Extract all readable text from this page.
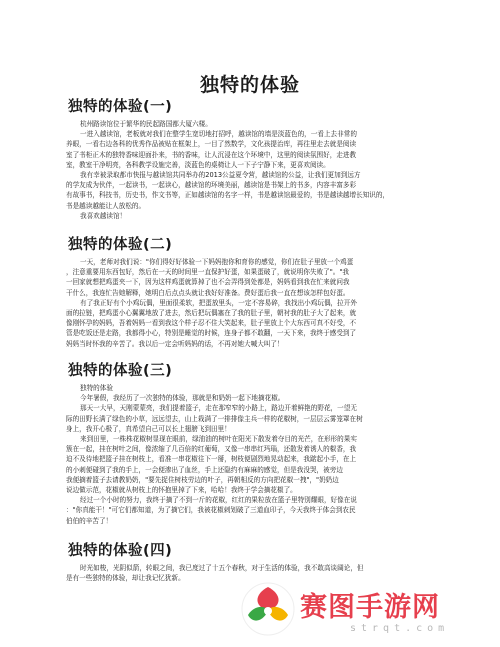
独特的体验
独特的体验(一)
杭州路读馆位于繁华的民起路国都大厦六楼。
一进入越读馆，老板就对我们在整学生宽切地打招呼，越读馆的墙是淡蓝色的，一看上去非常的
养眼，一看右边各科的优秀作品被贴在框架上，一目了然数学，文化孩提治库，再往里走去就是阅读
室了书柜正木的独特香味迎面扑来，书的香味，让人沉浸在这个环境中，这里的阅读氛围好，走进教
室，教室干净明亮，各科教学设施完善，淡蓝色的桌椅让人一下子宁静下来，更喜欢阅读。
我有幸被录取都市快报与越读馆共同举办的2013公益夏令营，越读馆的公益，让我们更加到远方
的学友成为伙伴，一起读书，一起读心，越读馆的环境美丽，越读馆是书架上的书多，内容丰富多彩
有故事书，科技书，历史书，作文书等，正如越读馆的名字一样，书是越读馆最爱的，书是越读越增长知识的，
书是越读越能让人放松的。
我喜欢越读馆！
独特的体验(二)
一天，老师对我们说："你们得好好体验一下妈妈抱你和育你的感觉，你们在肚子里放一个鸡蛋
，注意重要用东西包好，然后在一天的时间里一直保护好蛋，如果蛋破了，就说明你失败了"。"我
一回家就想把鸡蛋夹一下，因为这样鸡蛋就算掉了也不会弄得到处都是，妈妈看到我在忙来就问我
干什么，我连忙告她解释，她明白后点点头就让我好好准备。费好蛋后我一直在想该怎样包好蛋。
有了我正好有个小鸡玩偶，里面很柔软，把蛋放里头，一定不容易碎，我找出小鸡玩偶，拉开外
面的拉链，把鸡蛋小心翼翼地放了进去，然后把玩偶塞在了我的肚子里，朝衬我的肚子大了起来，就
像刚怀孕的妈妈，吾着妈妈一看到我这个样子忍不住大笑起来，肚子里放上个大东西可真不好受，不
管是吃饭还是走路，我都得小心，特别是睡觉的时候，连身子都不敢翻，一天下来，我终于感受到了
妈妈当时怀我的辛苦了。我以后一定会听妈妈的话，不再对她大喊大叫了！
独特的体验(三)
独特的体验
今年暑假，我经历了一次独特的体验，那就是和奶奶一起下地摘花椒。
那天一大早，天刚蒙蒙亮，我们提着篮子，走在那窄窄的小路上，路边开着鲜艳的野花，一望无
际的田野长满了绿色的小草，远远望去，山上栽满了一排排像主兵一样的花椒树，一层层云雾笼罩在树
身上，我开心极了，真希望自己可以长上翅膀飞到田里！
来到田里，一株株花椒树显现在眼前，绿油油的树叶在阳光下散发着夺目的光芒，在形形的果实
簇在一起，挂在树叶之间，像浓缩了几百倍的红葡萄，又像一串串红玛瑙，还散发着诱人的椒香，我
迫不及待地把篮子挂在树枝上，看准一串花椒往下一掰，树枝便剧烈地晃动起来，我踮起小手，在上
的小刺便碰到了我的手上，一会便渗出了血丝，手上还隐约有麻麻的感觉，但是我没哭，被旁边
我便摘着篮子去请教奶奶，"要先捉住树枝劳边的叶子，再朝相反的方向把花椒一拽"，"奶奶边
说边做示范，花椒就从树枝上的怀抱里掉了下来，哈哈！我终于学会摘花椒了。
经过一个小时的努力，我终于摘了不到一斤的花椒，红红的果粒放在篮子里特别耀眼，好像在说
："你真能干！"可它们都知道，为了摘它们，我被花椒刺划破了三道血印子，今天我终于体会到农民
伯伯的辛苦了！
独特的体验(四)
时光如梭，光阴似箭，转眼之间，我已度过了十五个春秋，对于生活的体验，我不敢高谈阔论，但
是有一些独特的体验，却让我记忆犹新。
赛图手游网
strqt.com
